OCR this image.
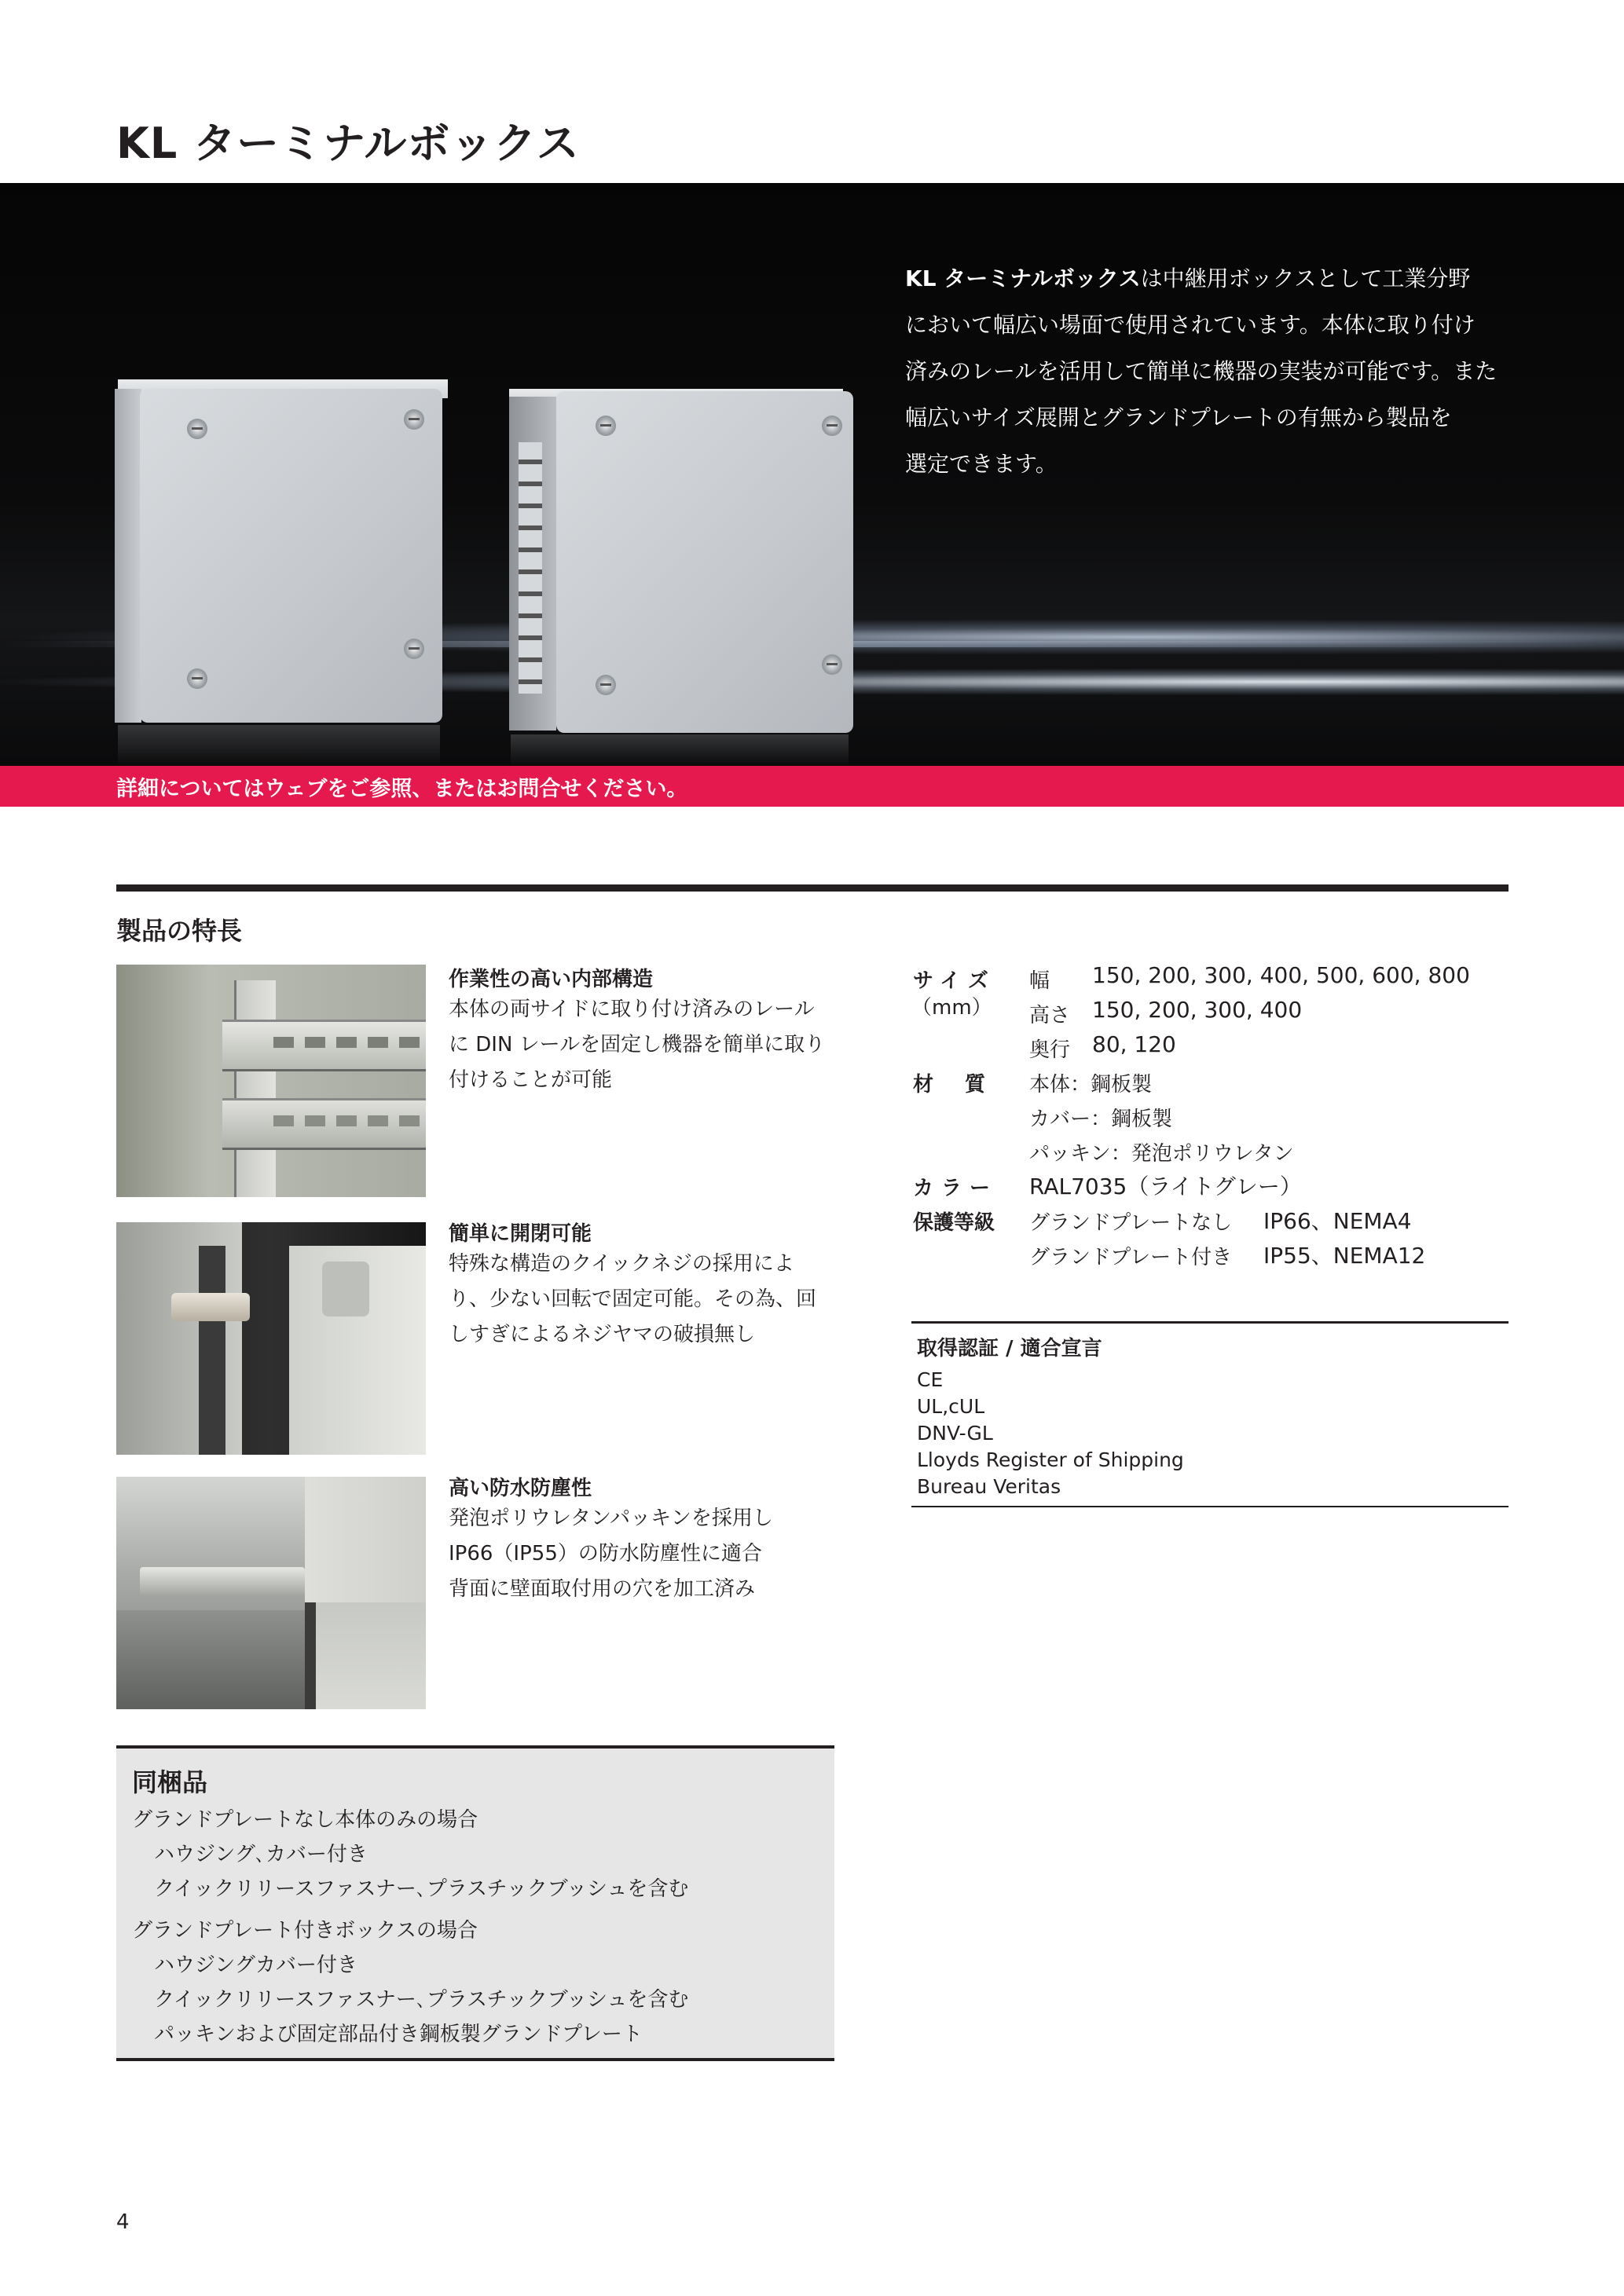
KL ターミナルボックス
KL ターミナルボックスは中継用ボックスとして工業分野
において幅広い場面で使用されています。本体に取り付け
済みのレールを活用して簡単に機器の実装が可能です。また
幅広いサイズ展開とグランドプレートの有無から製品を
選定できます。
詳細についてはウェブをご参照、またはお問合せください。
製品の特長
作業性の高い内部構造
本体の両サイドに取り付け済みのレール
に DIN レールを固定し機器を簡単に取り
付けることが可能
簡単に開閉可能
特殊な構造のクイックネジの採用によ
り、少ない回転で固定可能。その為、回
しすぎによるネジヤマの破損無し
高い防水防塵性
発泡ポリウレタンパッキンを採用し
IP66（IP55）の防水防塵性に適合
背面に壁面取付用の穴を加工済み
サイズ
（mm）
幅 150, 200, 300, 400, 500, 600, 800
高さ 150, 200, 300, 400
奥行 80, 120
材質 本体：鋼板製
カバー：鋼板製
パッキン：発泡ポリウレタン
カラー RAL7035（ライトグレー）
保護等級 グランドプレートなし IP66、NEMA4
グランドプレート付き IP55、NEMA12
取得認証 / 適合宣言
CE
UL,cUL
DNV-GL
Lloyds Register of Shipping
Bureau Veritas
同梱品
グランドプレートなし本体のみの場合
ハウジング､カバー付き
クイックリリースファスナー､プラスチックブッシュを含む
グランドプレート付きボックスの場合
ハウジングカバー付き
クイックリリースファスナー､プラスチックブッシュを含む
パッキンおよび固定部品付き鋼板製グランドプレート
4
